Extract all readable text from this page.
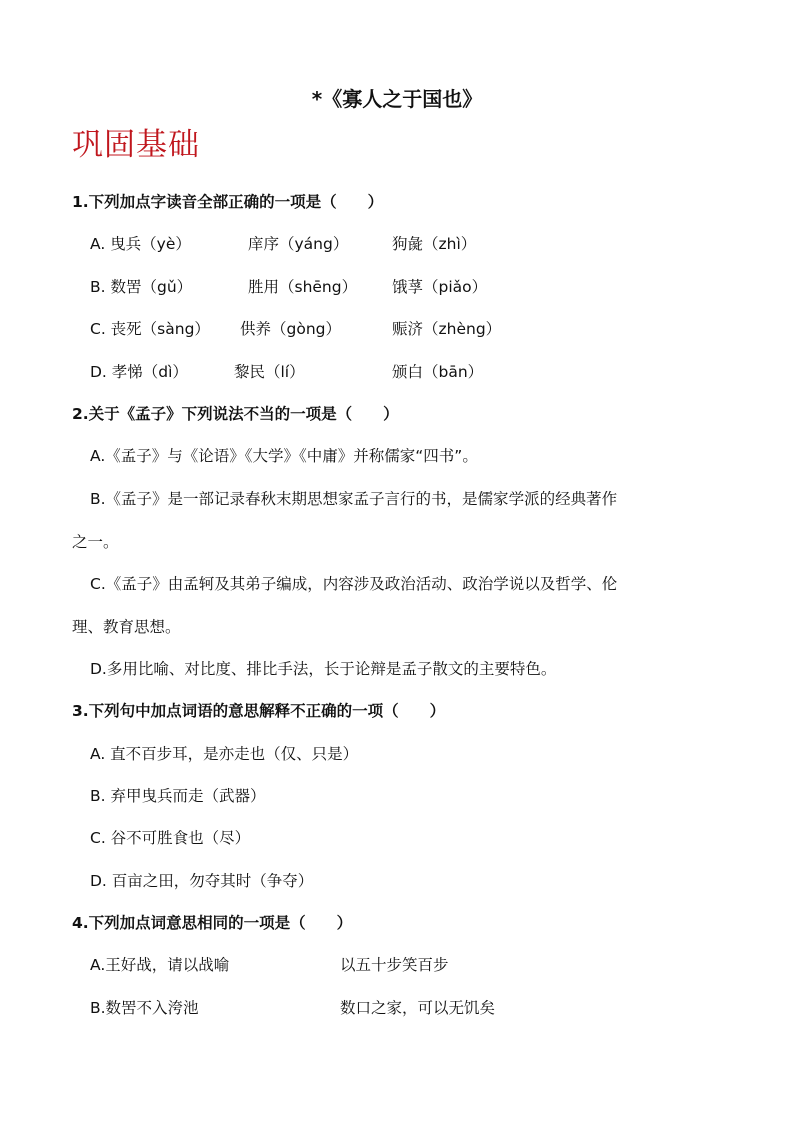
*《寡人之于国也》
巩固基础
1.下列加点字读音全部正确的一项是（　　）
A. 曳兵（yè）	庠序（yáng）	狗彘（zhì）
B. 数罟（gǔ）	胜用（shēng） 饿莩（piǎo）
C. 丧死（sàng） 供养（gòng）	赈济（zhèng）
D. 孝悌（dì）	黎民（lí）	颁白（bān）
2.关于《孟子》下列说法不当的一项是（　　）
A.《孟子》与《论语》《大学》《中庸》并称儒家“四书”。
B.《孟子》是一部记录春秋末期思想家孟子言行的书，是儒家学派的经典著作
之一。
C.《孟子》由孟轲及其弟子编成，内容涉及政治活动、政治学说以及哲学、伦
理、教育思想。
D.多用比喻、对比度、排比手法，长于论辩是孟子散文的主要特色。
3.下列句中加点词语的意思解释不正确的一项（　　）
A. 直不百步耳，是亦走也（仅、只是）
B. 弃甲曳兵而走（武器）
C. 谷不可胜食也（尽）
D. 百亩之田，勿夺其时（争夺）
4.下列加点词意思相同的一项是（　　）
A.王好战，请以战喻	以五十步笑百步
B.数罟不入洿池	数口之家，可以无饥矣
